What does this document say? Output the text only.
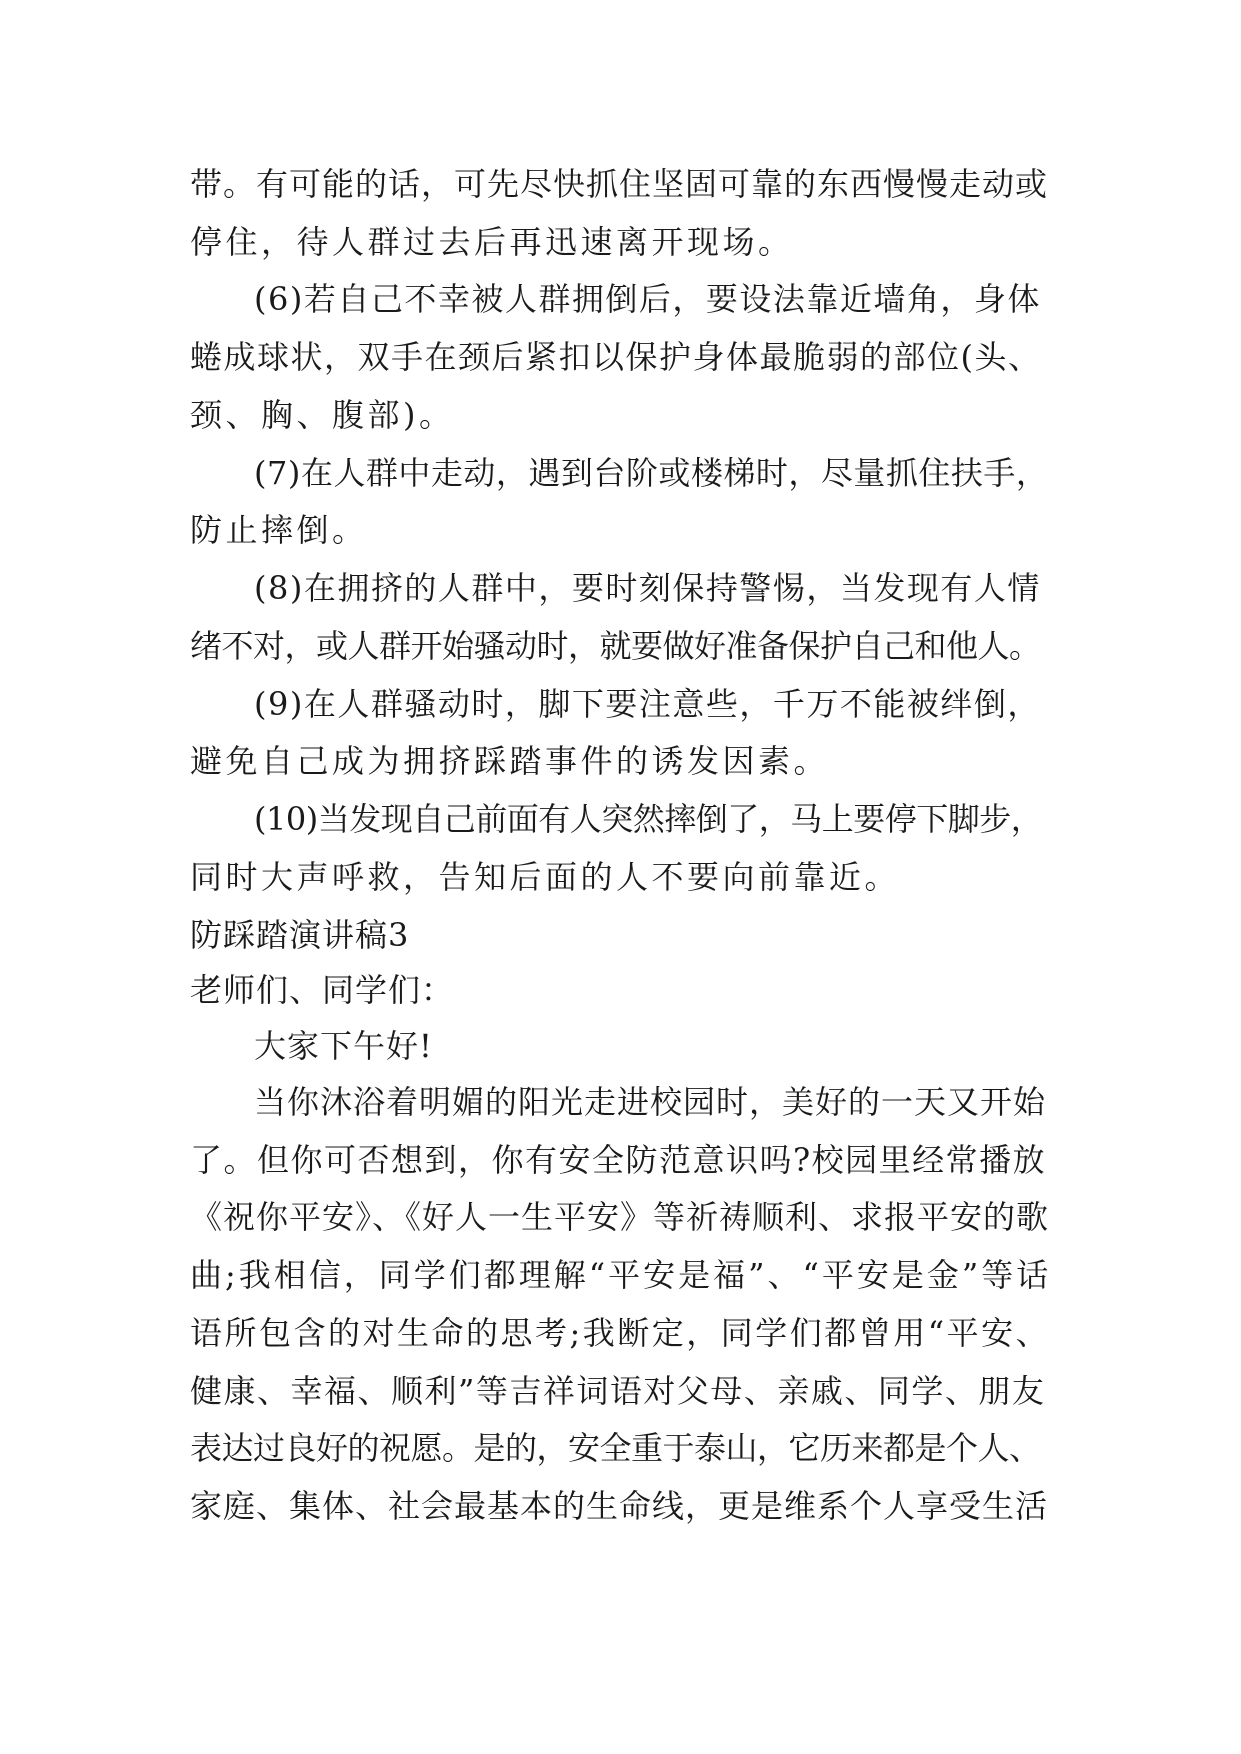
带。有可能的话，可先尽快抓住坚固可靠的东西慢慢走动或
停住，待人群过去后再迅速离开现场。
(6)若自己不幸被人群拥倒后，要设法靠近墙角，身体
蜷成球状，双手在颈后紧扣以保护身体最脆弱的部位(头、
颈、胸、腹部)。
(7)在人群中走动，遇到台阶或楼梯时，尽量抓住扶手，
防止摔倒。
(8)在拥挤的人群中，要时刻保持警惕，当发现有人情
绪不对，或人群开始骚动时，就要做好准备保护自己和他人。
(9)在人群骚动时，脚下要注意些，千万不能被绊倒，
避免自己成为拥挤踩踏事件的诱发因素。
(10)当发现自己前面有人突然摔倒了，马上要停下脚步，
同时大声呼救，告知后面的人不要向前靠近。
防踩踏演讲稿3
老师们、同学们：
大家下午好!
当你沐浴着明媚的阳光走进校园时，美好的一天又开始
了。但你可否想到，你有安全防范意识吗?校园里经常播放
《祝你平安》、《好人一生平安》等祈祷顺利、求报平安的歌
曲;我相信，同学们都理解“平安是福”、“平安是金”等话
语所包含的对生命的思考;我断定，同学们都曾用“平安、
健康、幸福、顺利”等吉祥词语对父母、亲戚、同学、朋友
表达过良好的祝愿。是的，安全重于泰山，它历来都是个人、
家庭、集体、社会最基本的生命线，更是维系个人享受生活
